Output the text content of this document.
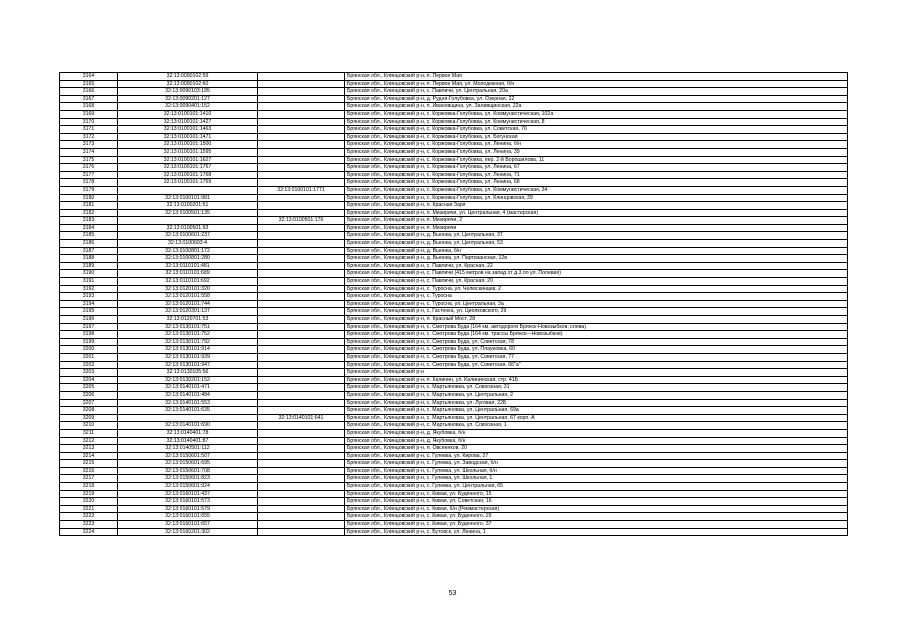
3164	32:13:0090102:59		Брянская обл., Клинцовский р-н, п. Первое Мая
3165	32:13:0090102:60		Брянская обл., Клинцовский р-н, п. Первое Мая, ул. Молодежная, б/н
3166	32:13:0090103:195		Брянская обл., Клинцовский р-н, с. Павличи, ул. Центральная, 20а
3167	32:13:0090201:127		Брянская обл., Клинцовский р-н, д. Рудня-Голубовка, ул. Озерная, 22
3168	32:13:0090401:152		Брянская обл., Клинцовский р-н, п. Ивановщина, ул. Заливщинская, 22а
3169	32:13:0100101:1410		Брянская обл., Клинцовский р-н, с. Коржовка-Голубовка, ул. Коммунистическая, 102а
3170	32:13:0100101:1427		Брянская обл., Клинцовский р-н, с. Коржовка-Голубовка, ул. Коммунистическая, 8
3171	32:13:0100101:1463		Брянская обл., Клинцовский р-н, с. Коржовка-Голубовка, ул. Советская, 70
3172	32:13:0100101:1471		Брянская обл., Клинцовский р-н, с. Коржовка-Голубовка, ул. Богунская
3173	32:13:0100101:1500		Брянская обл., Клинцовский р-н, с. Коржовка-Голубовка, ул. Ленина, б/н
3174	32:13:0100101:1595		Брянская обл., Клинцовский р-н, с. Коржовка-Голубовка, ул. Ленина, 39
3175	32:13:0100101:1627		Брянская обл., Клинцовский р-н, с. Коржовка-Голубовка, пер. 2-й Ворошилова, 11
3176	32:13:0100101:1767		Брянская обл., Клинцовский р-н, с. Коржовка-Голубовка, ул. Ленина, 67
3177	32:13:0100101:1768		Брянская обл., Клинцовский р-н, с. Коржовка-Голубовка, ул. Ленина, 71
3178	32:13:0100101:1769		Брянская обл., Клинцовский р-н, с. Коржовка-Голубовка, ул. Ленина, 68
3179		32:13:0100101:1771	Брянская обл., Клинцовский р-н, с. Коржовка-Голубовка, ул. Коммунистическая, 34
3180	32:13:0100101:981		Брянская обл., Клинцовский р-н, с. Коржовка-Голубовка, ул. Клинцовская, 39
3181	32:13:0100201:51		Брянская обл., Клинцовский р-н, п. Красная Заря
3182	32:13:0100501:135		Брянская обл., Клинцовский р-н, п. Мизиричи, ул. Центральная, 4 (мастерская)
3183		32:13:0100501:176	Брянская обл., Клинцовский р-н, п. Мизиричи, 2
3184	32:13:0100501:93		Брянская обл., Клинцовский р-н, п. Мизиричи
3185	32:13:0100601:237		Брянская обл., Клинцовский р-н, д. Вьюнка, ул. Центральная, 37
3186	32:13:0100603:4		Брянская обл., Клинцовский р-н, д. Вьюнка, ул. Центральная, 53
3187	32:13:0100801:172		Брянская обл., Клинцовский р-н, д. Вьюнка, б/н
3188	32:13:0100801:280		Брянская обл., Клинцовский р-н, д. Вьюнка, ул. Партизанская, 12в
3189	32:13:0110101:481		Брянская обл., Клинцовский р-н, с. Павличи, ул. Красная, 22
3190	32:13:0110101:689		Брянская обл., Клинцовский р-н, с. Павличи (415 метров на запад от д.3 по ул. Полевая)
3191	32:13:0110101:692		Брянская обл., Клинцовский р-н, с. Павличи, ул. Красная, 20
3192	32:13:0120101:320		Брянская обл., Клинцовский р-н, с. Туросна, ул. Челюскинцев, 2
3193	32:13:0120101:558		Брянская обл., Клинцовский р-н, с. Туросна
3194	32:13:0120101:744		Брянская обл., Клинцовский р-н, с. Туросна, ул. Центральная, 3а
3195	32:13:0120301:137		Брянская обл., Клинцовский р-н, с. Гастенка, ул. Циолковского, 29
3196	32:13:0120701:53		Брянская обл., Клинцовский р-н, п. Красный Мост, 28
3197	32:13:0130101:751		Брянская обл., Клинцовский р-н, с. Смотрова Буда (164 км. автодороги Брянск-Новозыбков, слева)
3198	32:13:0130101:752		Брянская обл., Клинцовский р-н, с. Смотрова Буда (164 км. трассы Брянск—Новозыбков)
3199	32:13:0130101:792		Брянская обл., Клинцовский р-н, с. Смотрова Буда, ул. Советская, 78
3200	32:13:0130101:914		Брянская обл., Клинцовский р-н, с. Смотрова Буда, ул. Плауновка, 60
3201	32:13:0130101:939		Брянская обл., Клинцовский р-н, с. Смотрова Буда, ул. Советская, 77
3202	32:13:0130101:947		Брянская обл., Клинцовский р-н, с. Смотрова Буда, ул. Советская, 66"а"
3203	32:13:0130105:56		Брянская обл., Клинцовский р-н
3204	32:13:0130201:152		Брянская обл., Клинцовский р-н, п. Калинин, ул. Калининская, стр. 41Б
3205	32:13:0140101:471		Брянская обл., Клинцовский р-н, с. Мартьяновка, ул. Совхозная, 31
3206	32:13:0140101:484		Брянская обл., Клинцовский р-н, с. Мартьяновка, ул. Центральная, 2
3207	32:13:0140101:553		Брянская обл., Клинцовский р-н, с. Мартьяновка, ул. Луговая, 22Б
3208	32:13:0140101:635		Брянская обл., Клинцовский р-н, с. Мартьяновка, ул. Центральная, 69а
3209		32:13:0140101:641	Брянская обл., Клинцовский р-н, с. Мартьяновка, ул. Центральная, 67 корп. А
3210	32:13:0140101:690		Брянская обл., Клинцовский р-н, с. Мартьяновка, ул. Совхозная, 1
3211	32:13:0140401:78		Брянская обл., Клинцовский р-н, д. Якубовка, б/н
3212	32:13:0140401:87		Брянская обл., Клинцовский р-н, д. Якубовка, б/н
3213	32:13:0140501:112		Брянская обл., Клинцовский р-н, п. Овсеенков, 20
3214	32:13:0150601:507		Брянская обл., Клинцовский р-н, с. Гулевка, ул. Кирова, 27
3215	32:13:0150601:695		Брянская обл., Клинцовский р-н, с. Гулевка, ул. Заводская, б/н
3216	32:13:0150601:708		Брянская обл., Клинцовский р-н, с. Гулевка, ул. Школьная, б/н
3217	32:13:0150601:823		Брянская обл., Клинцовский р-н, с. Гулевка, ул. Школьная, 1
3218	32:13:0150601:924		Брянская обл., Клинцовский р-н, с. Гулевка, ул. Центральная, 65
3219	32:13:0160101:437		Брянская обл., Клинцовский р-н, с. Киваи, ул. Буденного, 15
3220	32:13:0160101:573		Брянская обл., Клинцовский р-н, с. Киваи, ул. Советская, 16
3221	32:13:0160101:579		Брянская обл., Клинцовский р-н, с. Киваи, б/н (Реммастерская)
3222	32:13:0160101:655		Брянская обл., Клинцовский р-н, с. Киваи, ул. Буденного, 29
3223	32:13:0160101:657		Брянская обл., Клинцовский р-н, с. Киваи, ул. Буденного, 37
3224	32:13:0160201:302		Брянская обл., Клинцовский р-н, с. Бутовск, ул. Ленина, 1
53
